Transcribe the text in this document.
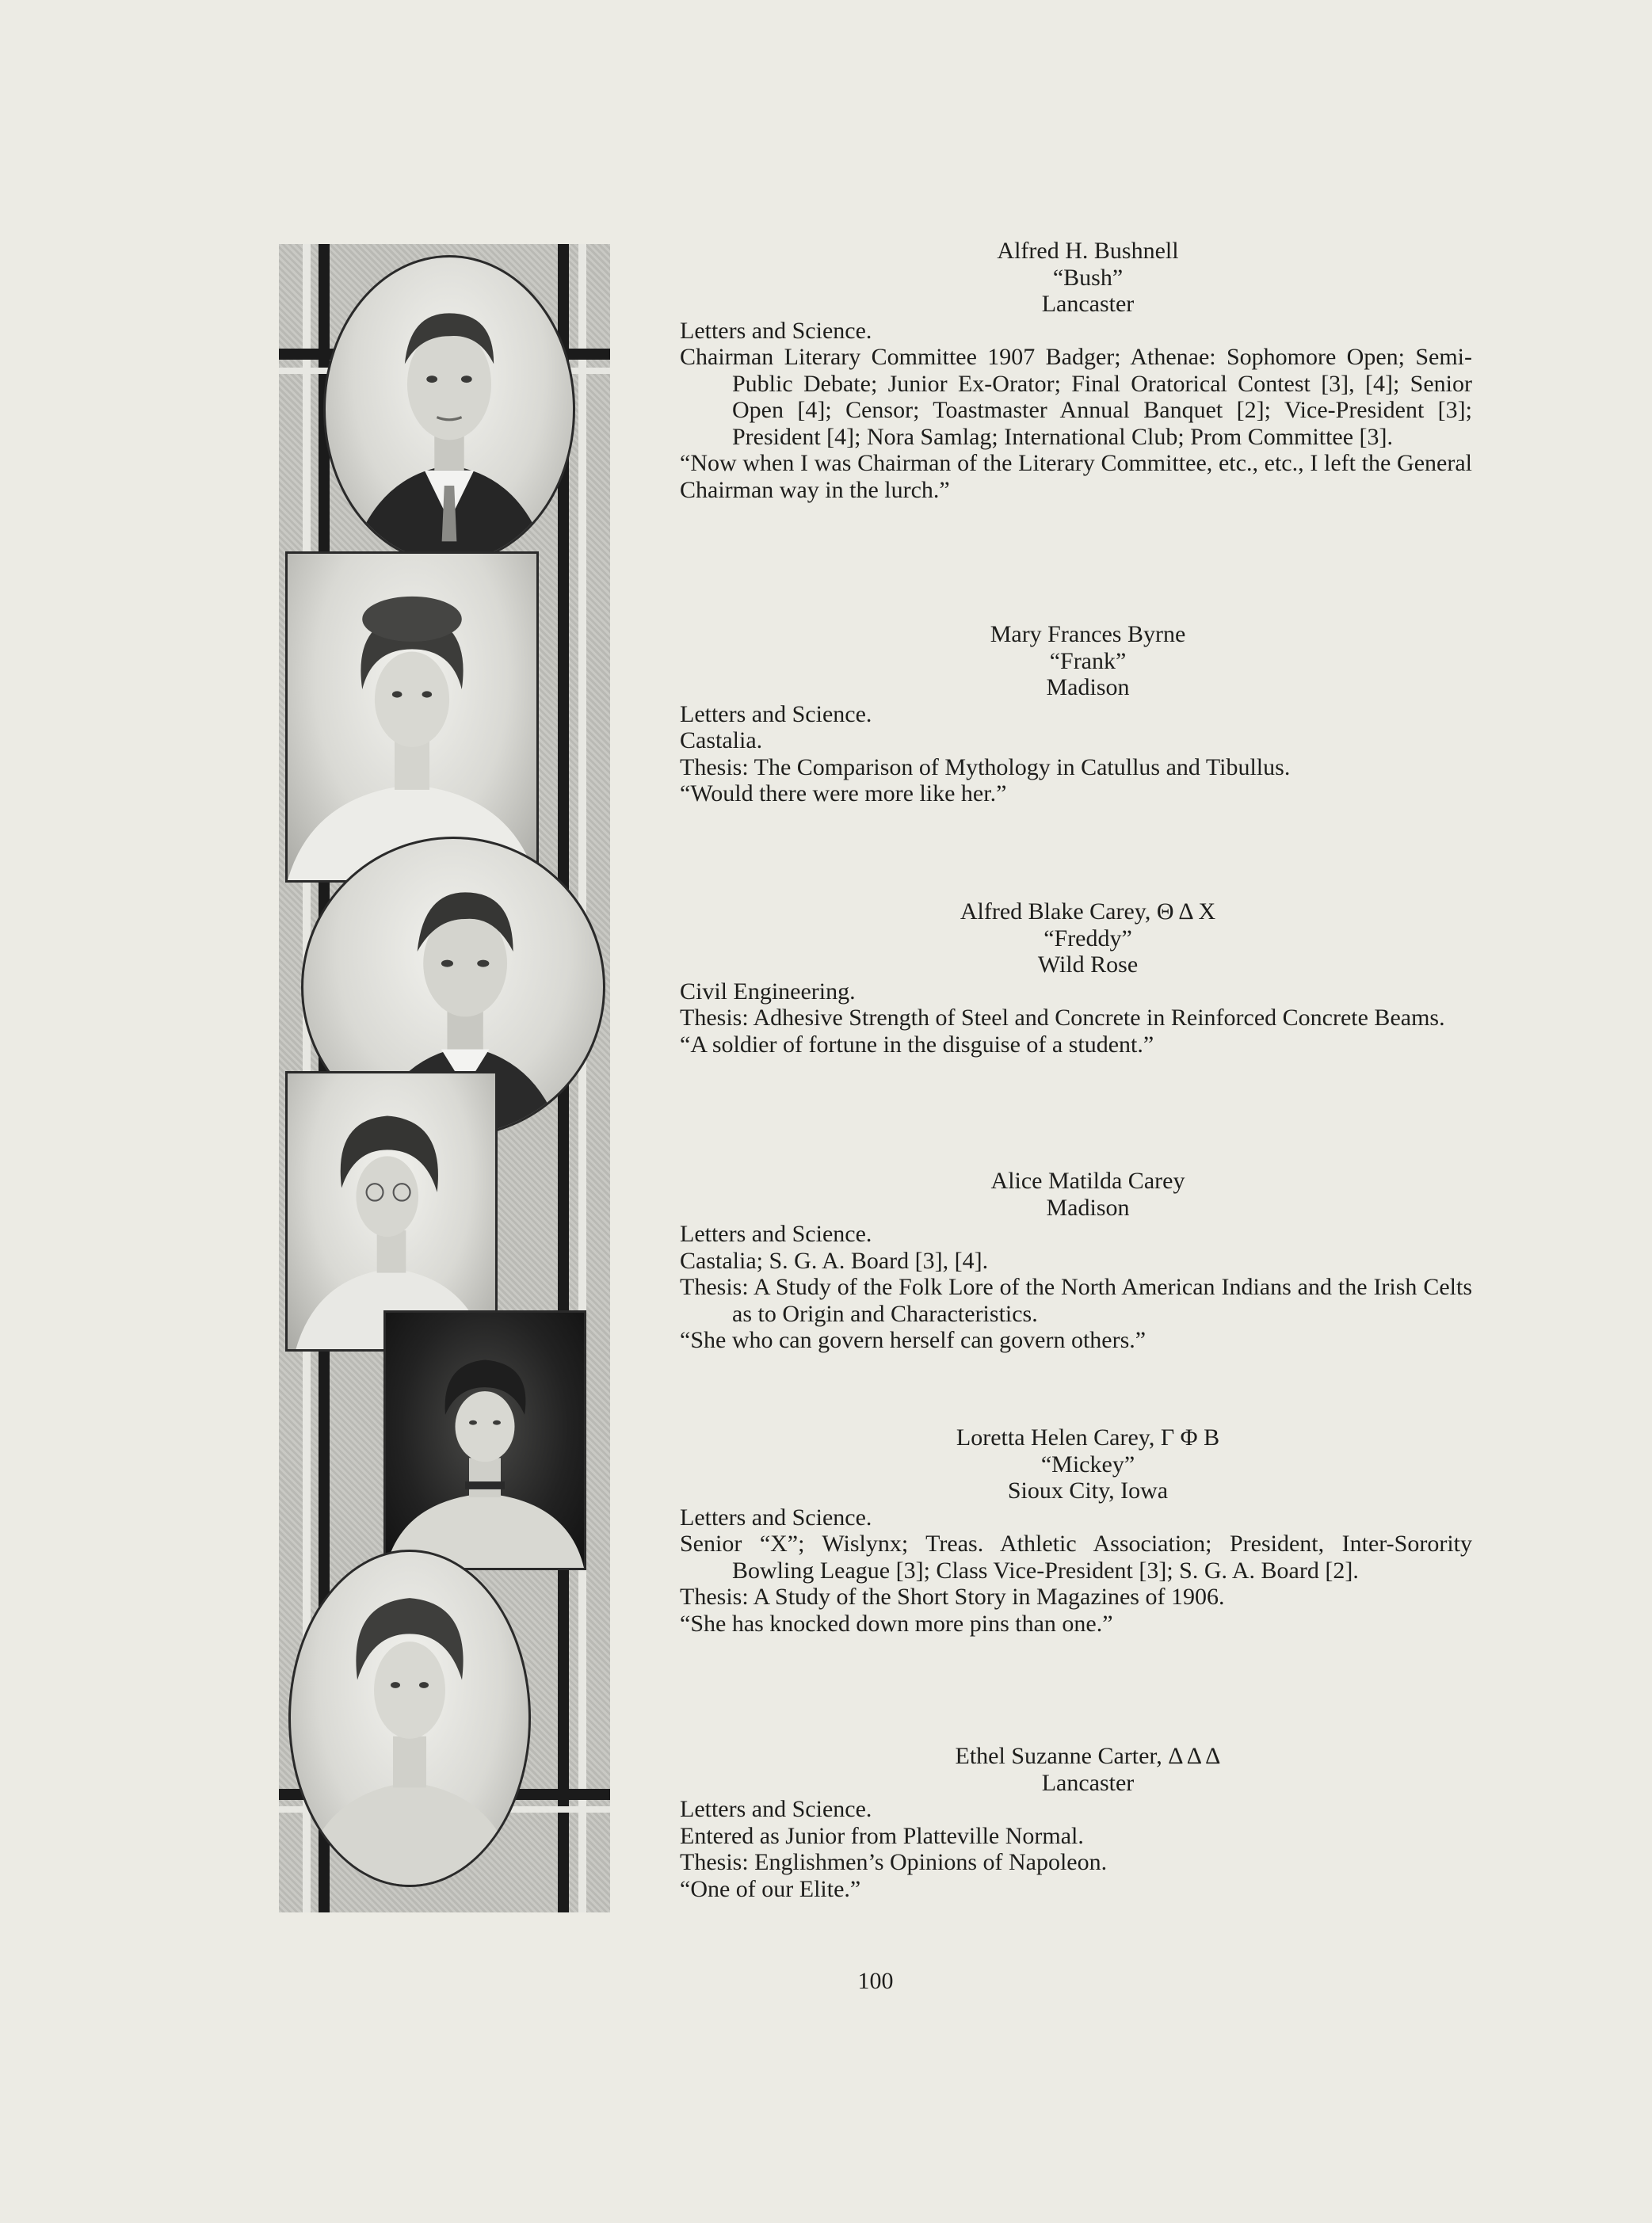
Alfred H. Bushnell
“Bush”
Lancaster
Letters and Science.
Chairman Literary Committee 1907 Badger; Athenae: Sophomore Open; Semi-Public Debate; Junior Ex-Orator; Final Oratorical Contest [3], [4]; Senior Open [4]; Censor; Toastmaster Annual Banquet [2]; Vice-President [3]; President [4]; Nora Samlag; International Club; Prom Committee [3].
“Now when I was Chairman of the Literary Committee, etc., etc., I left the General Chairman way in the lurch.”
Mary Frances Byrne
“Frank”
Madison
Letters and Science.
Castalia.
Thesis: The Comparison of Mythology in Catullus and Tibullus.
“Would there were more like her.”
Alfred Blake Carey, Θ Δ X
“Freddy”
Wild Rose
Civil Engineering.
Thesis: Adhesive Strength of Steel and Concrete in Reinforced Concrete Beams.
“A soldier of fortune in the disguise of a student.”
Alice Matilda Carey
Madison
Letters and Science.
Castalia; S. G. A. Board [3], [4].
Thesis: A Study of the Folk Lore of the North American Indians and the Irish Celts as to Origin and Characteristics.
“She who can govern herself can govern others.”
Loretta Helen Carey, Γ Φ Β
“Mickey”
Sioux City, Iowa
Letters and Science.
Senior “X”; Wislynx; Treas. Athletic Association; President, Inter-Sorority Bowling League [3]; Class Vice-President [3]; S. G. A. Board [2].
Thesis: A Study of the Short Story in Magazines of 1906.
“She has knocked down more pins than one.”
Ethel Suzanne Carter, Δ Δ Δ
Lancaster
Letters and Science.
Entered as Junior from Platteville Normal.
Thesis: Englishmen’s Opinions of Napoleon.
“One of our Elite.”
100
